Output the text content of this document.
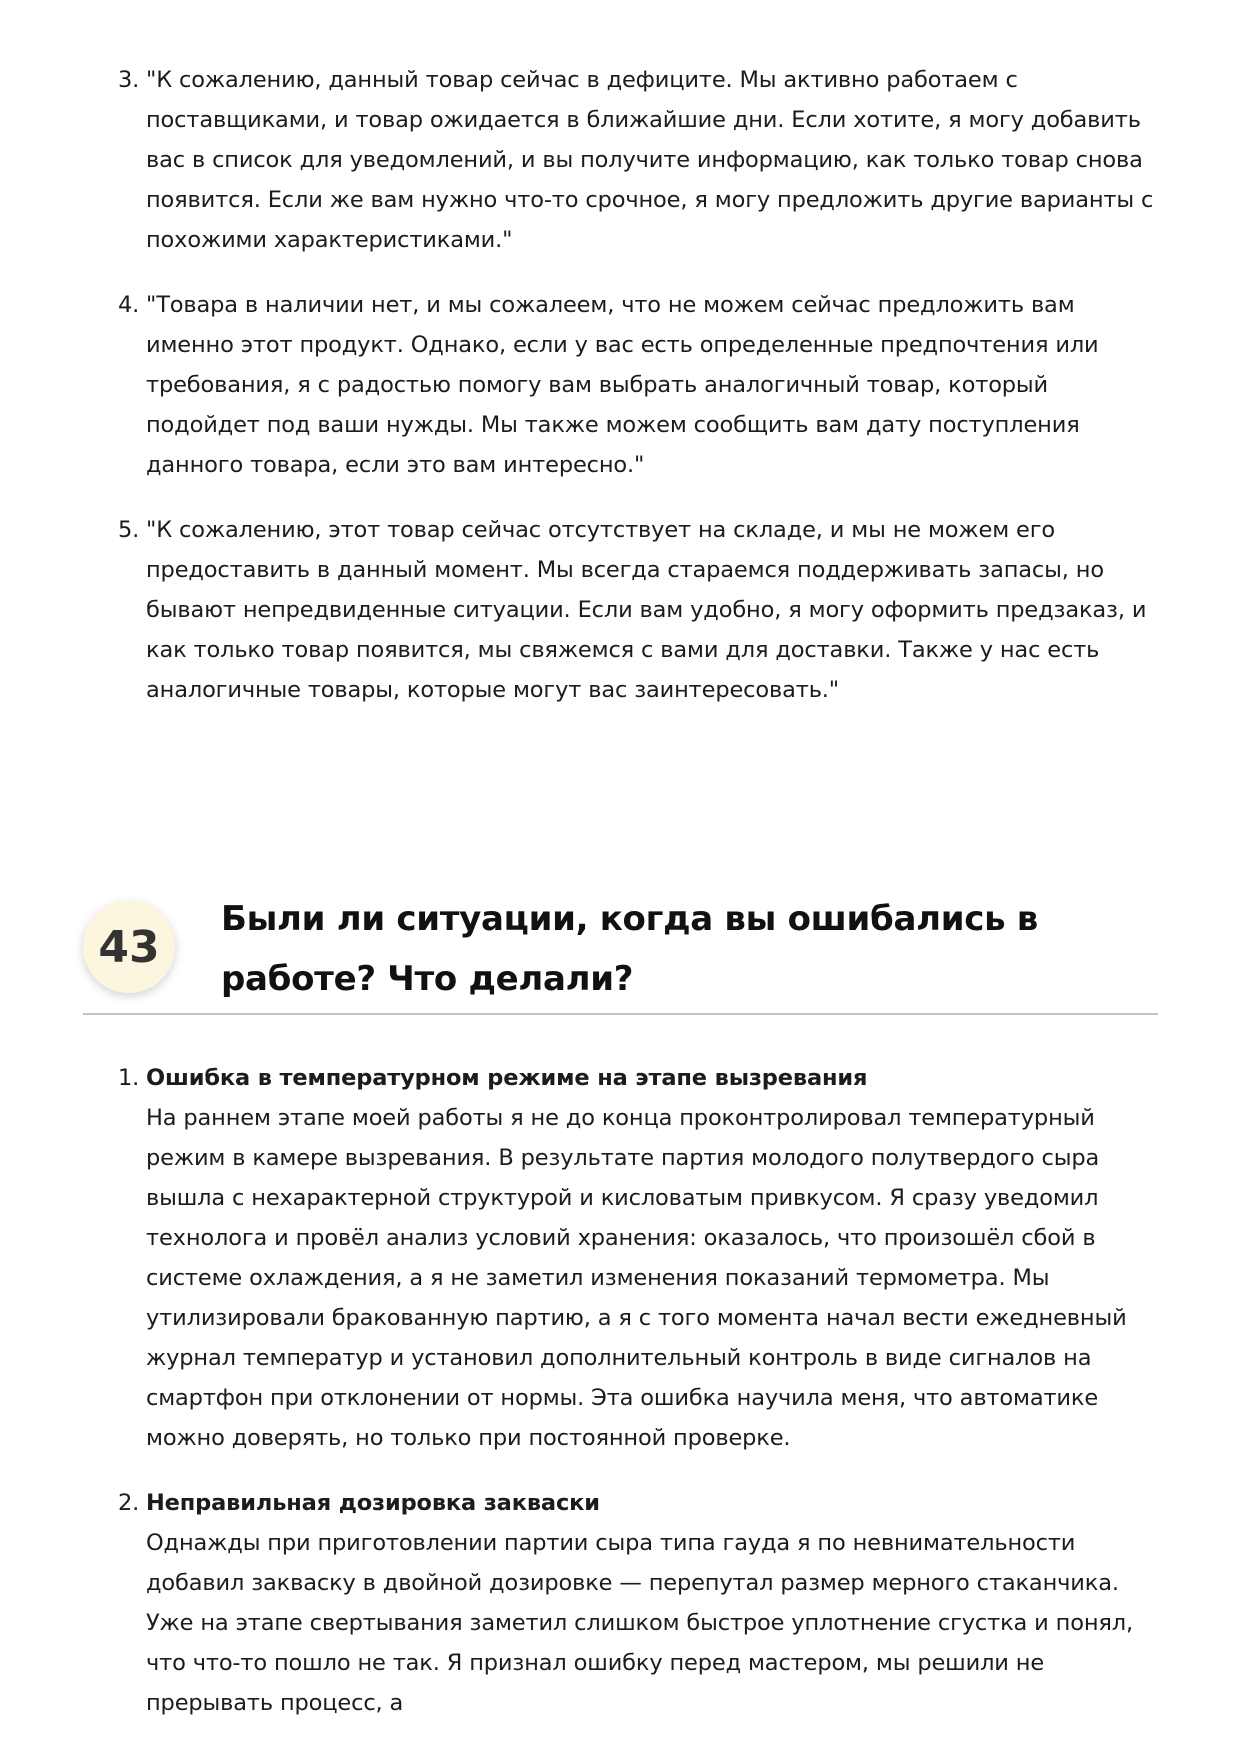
3. "К сожалению, данный товар сейчас в дефиците. Мы активно работаем с поставщиками, и товар ожидается в ближайшие дни. Если хотите, я могу добавить вас в список для уведомлений, и вы получите информацию, как только товар снова появится. Если же вам нужно что-то срочное, я могу предложить другие варианты с похожими характеристиками."
4. "Товара в наличии нет, и мы сожалеем, что не можем сейчас предложить вам именно этот продукт. Однако, если у вас есть определенные предпочтения или требования, я с радостью помогу вам выбрать аналогичный товар, который подойдет под ваши нужды. Мы также можем сообщить вам дату поступления данного товара, если это вам интересно."
5. "К сожалению, этот товар сейчас отсутствует на складе, и мы не можем его предоставить в данный момент. Мы всегда стараемся поддерживать запасы, но бывают непредвиденные ситуации. Если вам удобно, я могу оформить предзаказ, и как только товар появится, мы свяжемся с вами для доставки. Также у нас есть аналогичные товары, которые могут вас заинтересовать."
43
Были ли ситуации, когда вы ошибались в работе? Что делали?
1. Ошибка в температурном режиме на этапе вызревания
На раннем этапе моей работы я не до конца проконтролировал температурный режим в камере вызревания. В результате партия молодого полутвердого сыра вышла с нехарактерной структурой и кисловатым привкусом. Я сразу уведомил технолога и провёл анализ условий хранения: оказалось, что произошёл сбой в системе охлаждения, а я не заметил изменения показаний термометра. Мы утилизировали бракованную партию, а я с того момента начал вести ежедневный журнал температур и установил дополнительный контроль в виде сигналов на смартфон при отклонении от нормы. Эта ошибка научила меня, что автоматике можно доверять, но только при постоянной проверке.
2. Неправильная дозировка закваски
Однажды при приготовлении партии сыра типа гауда я по невнимательности добавил закваску в двойной дозировке — перепутал размер мерного стаканчика. Уже на этапе свертывания заметил слишком быстрое уплотнение сгустка и понял, что что-то пошло не так. Я признал ошибку перед мастером, мы решили не прерывать процесс, а
